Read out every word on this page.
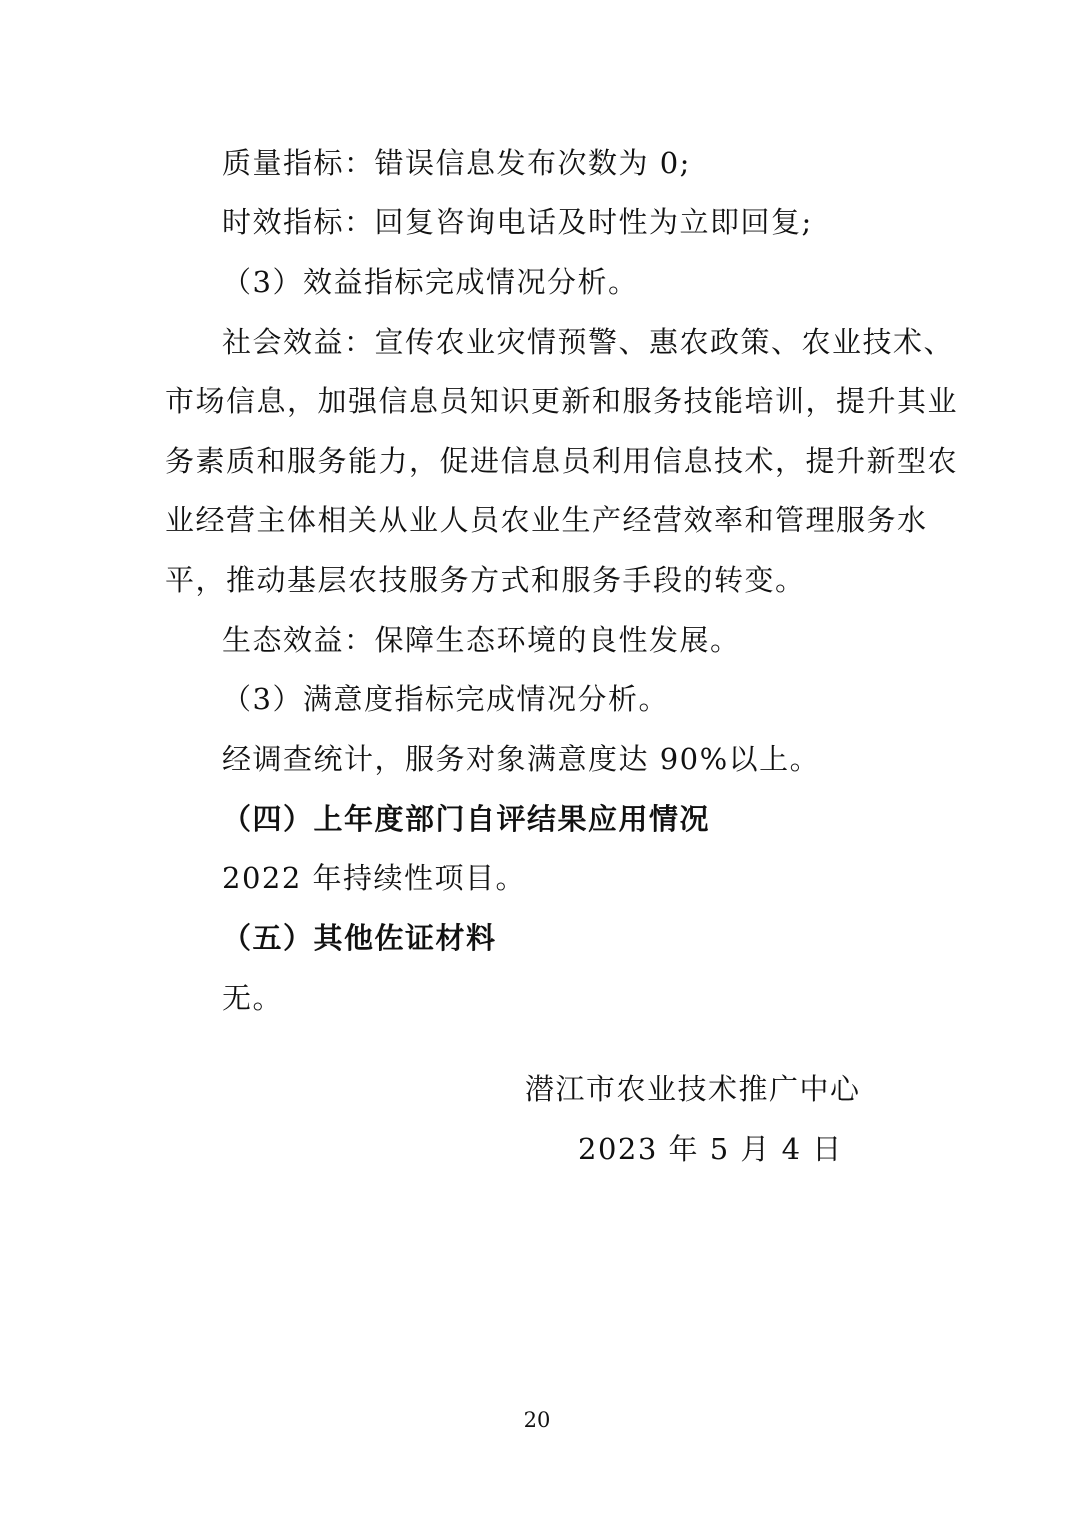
质量指标：错误信息发布次数为 0;
时效指标：回复咨询电话及时性为立即回复;
（3）效益指标完成情况分析。
社会效益：宣传农业灾情预警、惠农政策、农业技术、
市场信息，加强信息员知识更新和服务技能培训，提升其业
务素质和服务能力，促进信息员利用信息技术，提升新型农
业经营主体相关从业人员农业生产经营效率和管理服务水
平，推动基层农技服务方式和服务手段的转变。
生态效益：保障生态环境的良性发展。
（3）满意度指标完成情况分析。
经调查统计，服务对象满意度达 90%以上。
（四）上年度部门自评结果应用情况
2022 年持续性项目。
（五）其他佐证材料
无。
潜江市农业技术推广中心
2023 年 5 月 4 日
20
